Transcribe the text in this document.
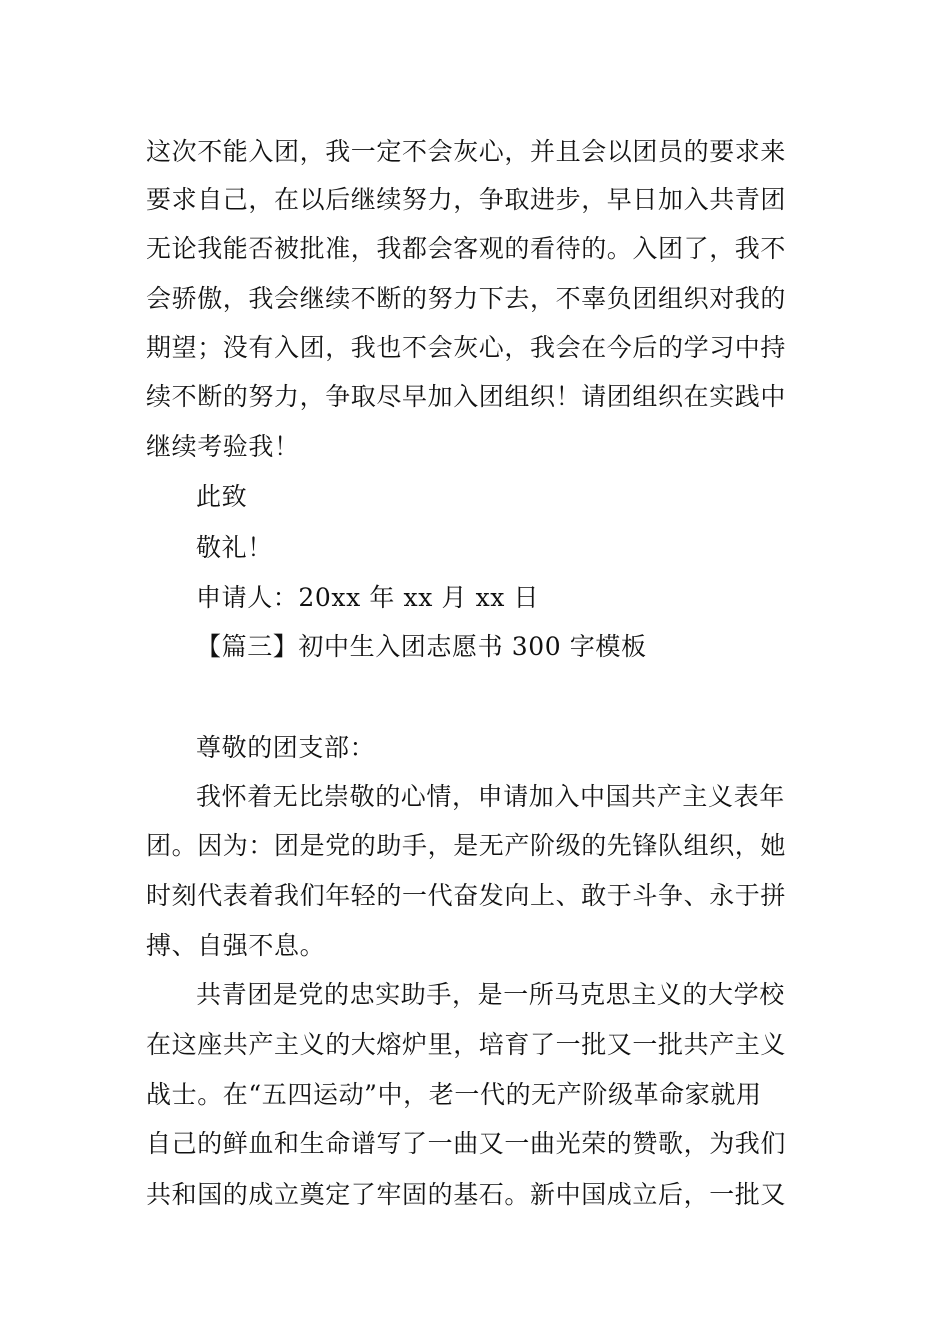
这次不能入团，我一定不会灰心，并且会以团员的要求来
要求自己，在以后继续努力，争取进步，早日加入共青团
无论我能否被批准，我都会客观的看待的。入团了，我不
会骄傲，我会继续不断的努力下去，不辜负团组织对我的
期望；没有入团，我也不会灰心，我会在今后的学习中持
续不断的努力，争取尽早加入团组织！请团组织在实践中
继续考验我！
此致
敬礼！
申请人：20xx 年 xx 月 xx 日
【篇三】初中生入团志愿书 300 字模板
尊敬的团支部：
我怀着无比崇敬的心情，申请加入中国共产主义表年
团。因为：团是党的助手，是无产阶级的先锋队组织，她
时刻代表着我们年轻的一代奋发向上、敢于斗争、永于拼
搏、自强不息。
共青团是党的忠实助手，是一所马克思主义的大学校
在这座共产主义的大熔炉里，培育了一批又一批共产主义
战士。在“五四运动”中，老一代的无产阶级革命家就用
自己的鲜血和生命谱写了一曲又一曲光荣的赞歌，为我们
共和国的成立奠定了牢固的基石。新中国成立后，一批又
